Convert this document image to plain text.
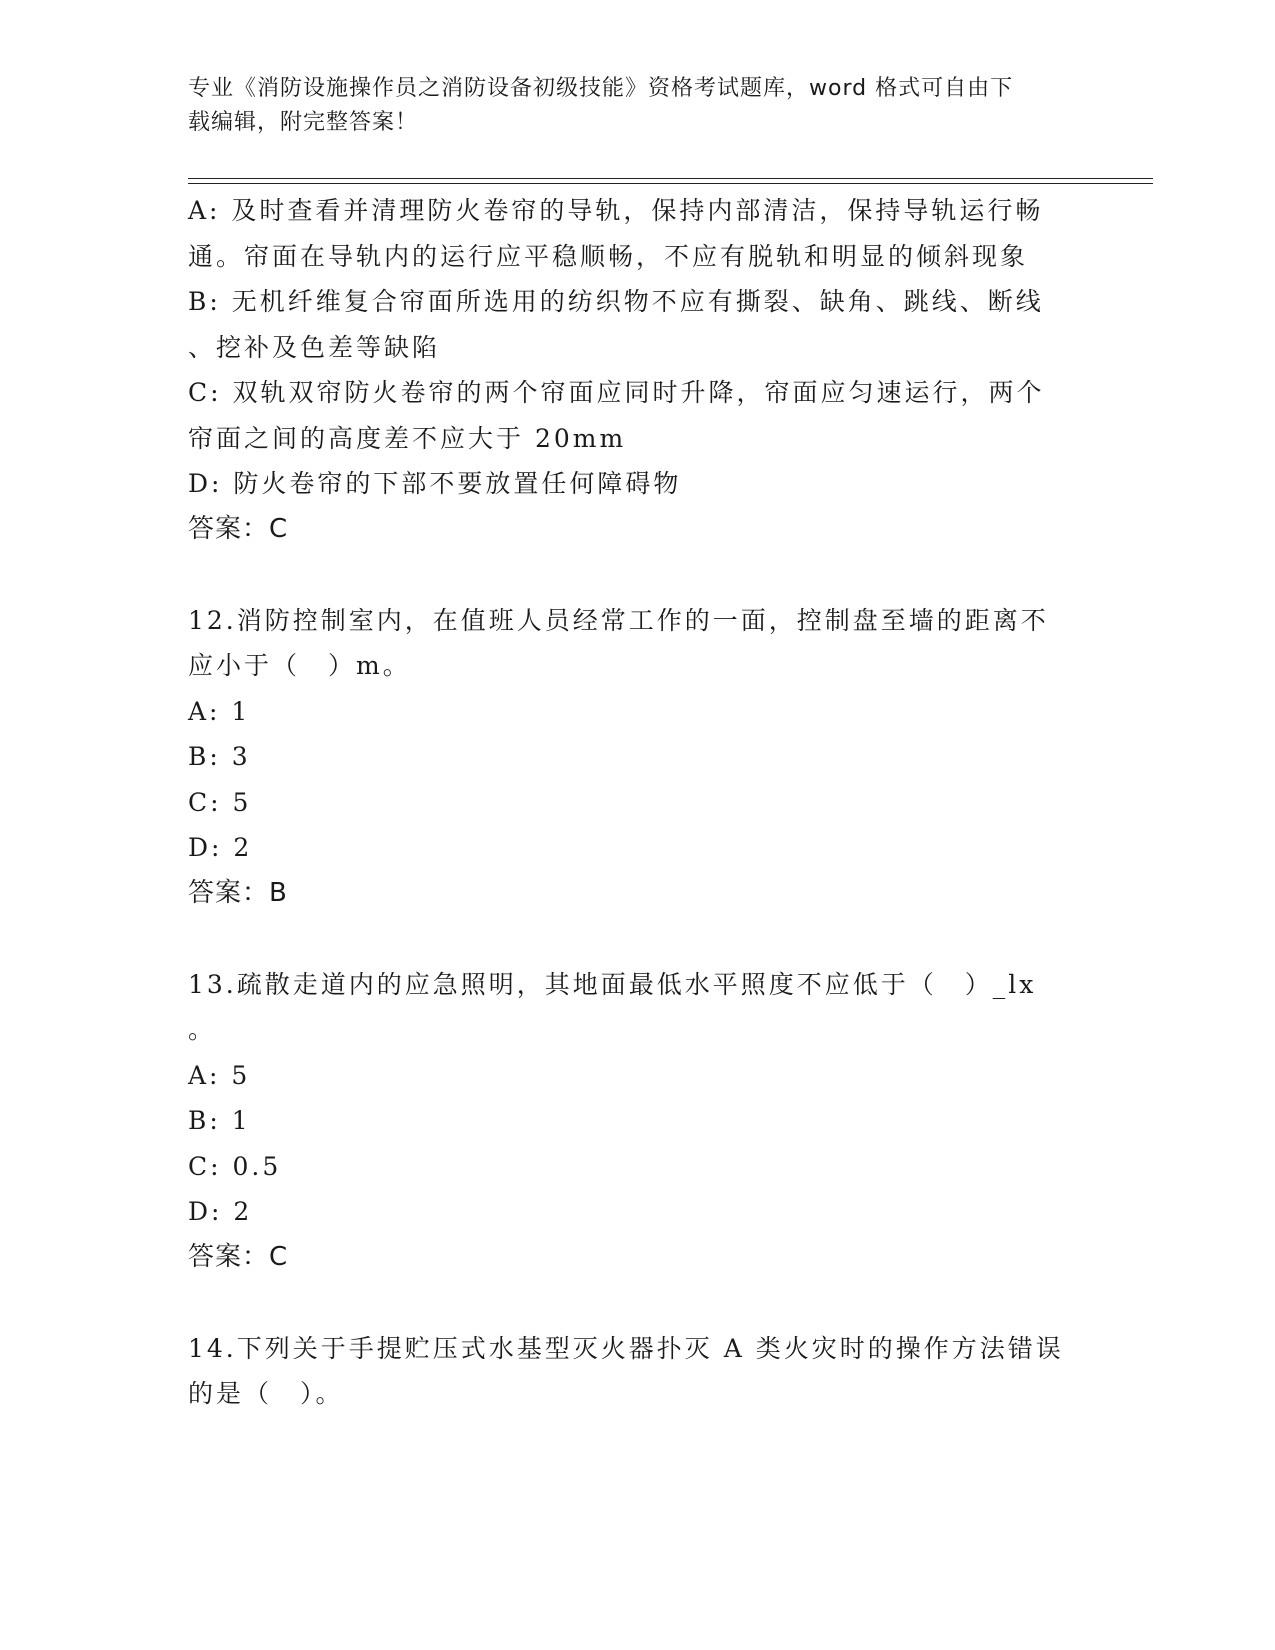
专业《消防设施操作员之消防设备初级技能》资格考试题库，word 格式可自由下
载编辑，附完整答案！
A: 及时查看并清理防火卷帘的导轨，保持内部清洁，保持导轨运行畅
通。帘面在导轨内的运行应平稳顺畅，不应有脱轨和明显的倾斜现象
B: 无机纤维复合帘面所选用的纺织物不应有撕裂、缺角、跳线、断线
、挖补及色差等缺陷
C: 双轨双帘防火卷帘的两个帘面应同时升降，帘面应匀速运行，两个
帘面之间的高度差不应大于 20mm
D: 防火卷帘的下部不要放置任何障碍物
答案：C
12.消防控制室内，在值班人员经常工作的一面，控制盘至墙的距离不
应小于（　）m。
A: 1
B: 3
C: 5
D: 2
答案：B
13.疏散走道内的应急照明，其地面最低水平照度不应低于（　）_lx
。
A: 5
B: 1
C: 0.5
D: 2
答案：C
14.下列关于手提贮压式水基型灭火器扑灭 A 类火灾时的操作方法错误
的是（　）。
